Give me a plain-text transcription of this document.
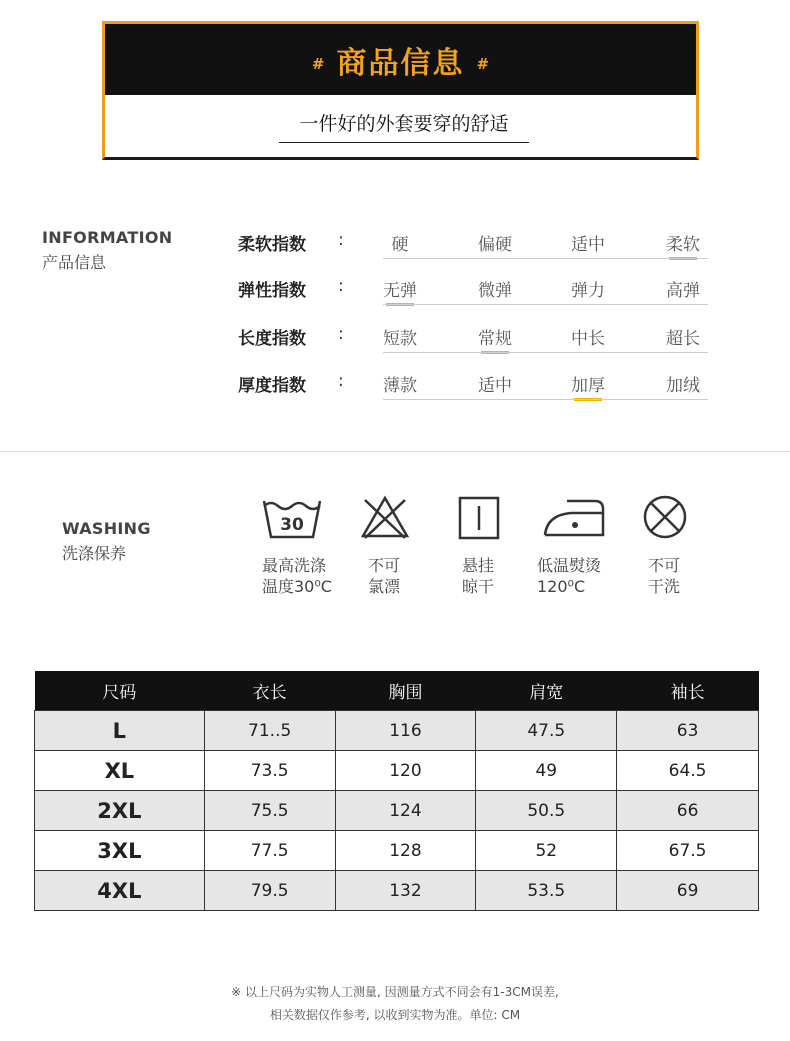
# 商品信息 #
一件好的外套要穿的舒适
INFORMATION
产品信息
柔软指数 :	硬	偏硬	适中	柔软
弹性指数 :	无弹	微弹	弹力	高弹
长度指数 :	短款	常规	中长	超长
厚度指数 :	薄款	适中	加厚	加绒
WASHING
洗涤保养
30
最高洗涤
温度30⁰C
不可
氯漂
悬挂
晾干
低温熨烫
120⁰C
不可
干洗
尺码	衣长	胸围	肩宽	袖长
L	71..5	116	47.5	63
XL	73.5	120	49	64.5
2XL	75.5	124	50.5	66
3XL	77.5	128	52	67.5
4XL	79.5	132	53.5	69
※ 以上尺码为实物人工测量, 因测量方式不同会有1-3CM误差,
相关数据仅作参考, 以收到实物为准。单位: CM
